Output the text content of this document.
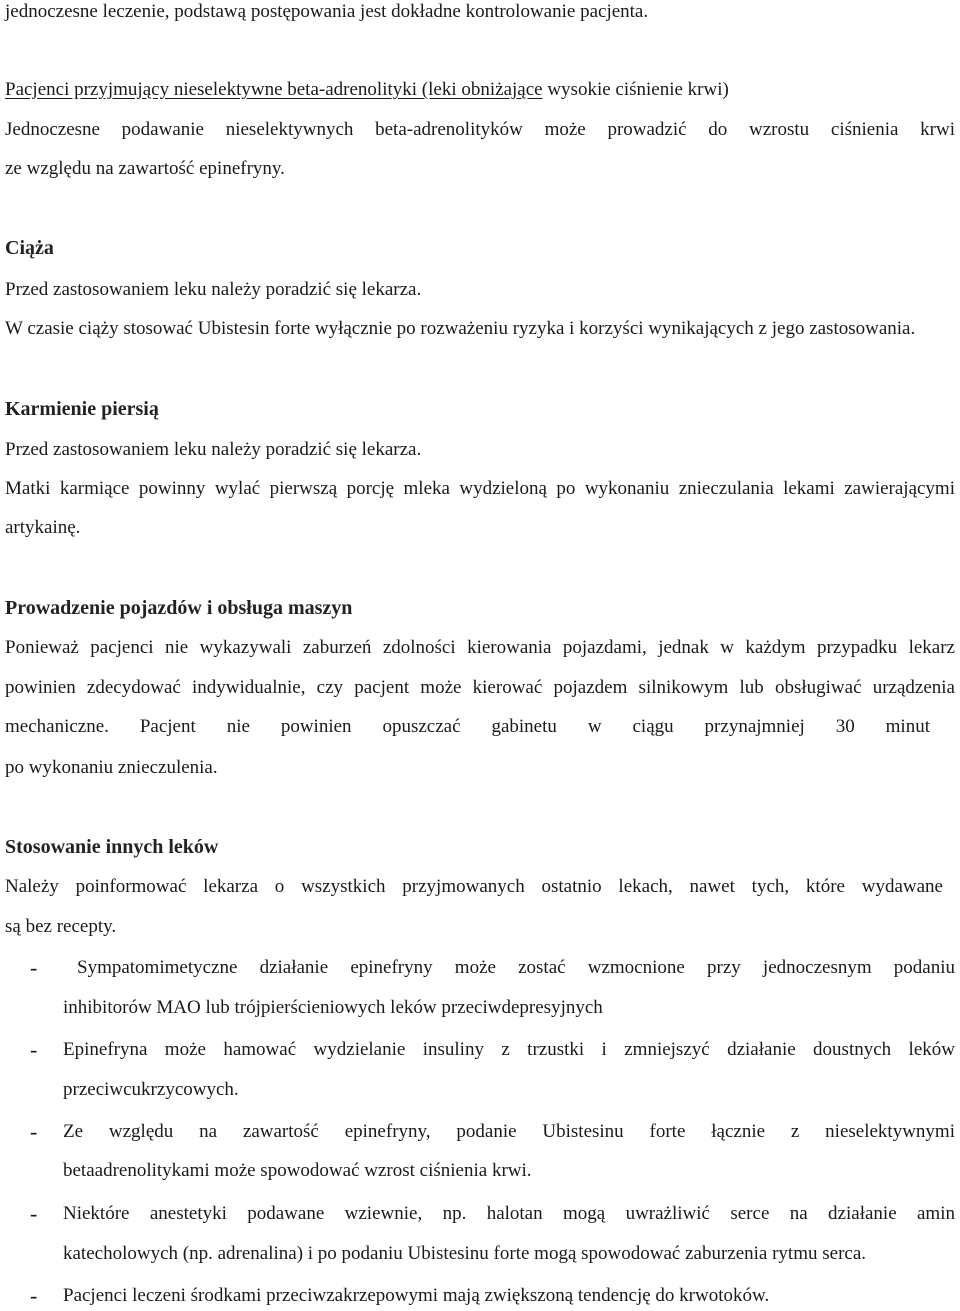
jednoczesne leczenie, podstawą postępowania jest dokładne kontrolowanie pacjenta.
Pacjenci przyjmujący nieselektywne beta-adrenolityki (leki obniżające wysokie ciśnienie krwi)
Jednoczesne podawanie nieselektywnych beta-adrenolityków może prowadzić do wzrostu ciśnienia krwi
ze względu na zawartość epinefryny.
Ciąża
Przed zastosowaniem leku należy poradzić się lekarza.
W czasie ciąży stosować Ubistesin forte wyłącznie po rozważeniu ryzyka i korzyści wynikających z jego zastosowania.
Karmienie piersią
Przed zastosowaniem leku należy poradzić się lekarza.
Matki karmiące powinny wylać pierwszą porcję mleka wydzieloną po wykonaniu znieczulania lekami zawierającymi
artykainę.
Prowadzenie pojazdów i obsługa maszyn
Ponieważ pacjenci nie wykazywali zaburzeń zdolności kierowania pojazdami, jednak w każdym przypadku lekarz
powinien zdecydować indywidualnie, czy pacjent może kierować pojazdem silnikowym lub obsługiwać urządzenia
mechaniczne. Pacjent nie powinien opuszczać gabinetu w ciągu przynajmniej 30 minut
po wykonaniu znieczulenia.
Stosowanie innych leków
Należy poinformować lekarza o wszystkich przyjmowanych ostatnio lekach, nawet tych, które wydawane
są bez recepty.
- Sympatomimetyczne działanie epinefryny może zostać wzmocnione przy jednoczesnym podaniu
inhibitorów MAO lub trójpierścieniowych leków przeciwdepresyjnych
- Epinefryna może hamować wydzielanie insuliny z trzustki i zmniejszyć działanie doustnych leków
przeciwcukrzycowych.
- Ze względu na zawartość epinefryny, podanie Ubistesinu forte łącznie z nieselektywnymi
betaadrenolitykami może spowodować wzrost ciśnienia krwi.
- Niektóre anestetyki podawane wziewnie, np. halotan mogą uwrażliwić serce na działanie amin
katecholowych (np. adrenalina) i po podaniu Ubistesinu forte mogą spowodować zaburzenia rytmu serca.
- Pacjenci leczeni środkami przeciwzakrzepowymi mają zwiększoną tendencję do krwotoków.
